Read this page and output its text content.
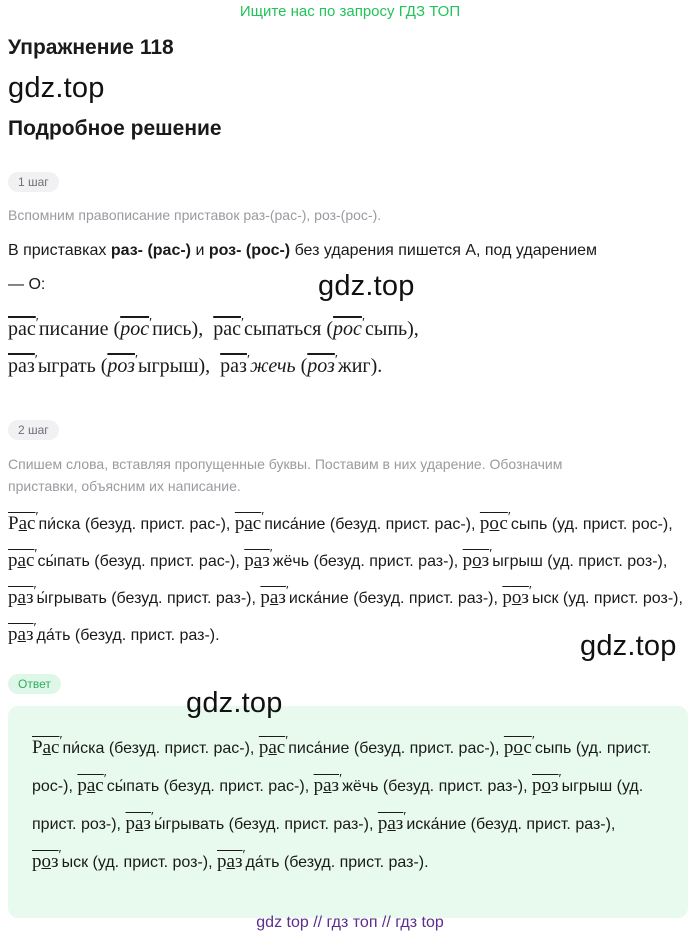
Ищите нас по запросу ГДЗ ТОП
Упражнение 118
gdz.top
Подробное решение
1 шаг
Вспомним правописание приставок раз-(рас-), роз-(рос-).
В приставках раз- (рас-) и роз- (рос-) без ударения пишется А, под ударением
— О:	gdz.top
рас′писание (рос′пись), рас′сыпаться (рос′сыпь),
раз′ыграть (роз′ыгрыш), раз′жечь (роз′жиг).
2 шаг
Спишем слова, вставляя пропущенные буквы. Поставим в них ударение. Обозначим
приставки, объясним их написание.
Рас′пи́ска (безуд. прист. рас-), рас′писа́ние (безуд. прист. рас-), рос′сыпь (уд. прист. рос-), рас′сы́пать (безуд. прист. рас-), раз′жёчь (безуд. прист. раз-), роз′ыгрыш (уд. прист. роз-), раз′ы́грывать (безуд. прист. раз-), раз′иска́ние (безуд. прист. раз-), роз′ыск (уд. прист. роз-), раз′да́ть (безуд. прист. раз-).	gdz.top
Ответ
gdz.top
Рас′пи́ска (безуд. прист. рас-), рас′писа́ние (безуд. прист. рас-), рос′сыпь (уд. прист. рос-), рас′сы́пать (безуд. прист. рас-), раз′жёчь (безуд. прист. раз-), роз′ыгрыш (уд. прист. роз-), раз′ы́грывать (безуд. прист. раз-), раз′иска́ние (безуд. прист. раз-), роз′ыск (уд. прист. роз-), раз′да́ть (безуд. прист. раз-).
gdz top // гдз топ // гдз top
